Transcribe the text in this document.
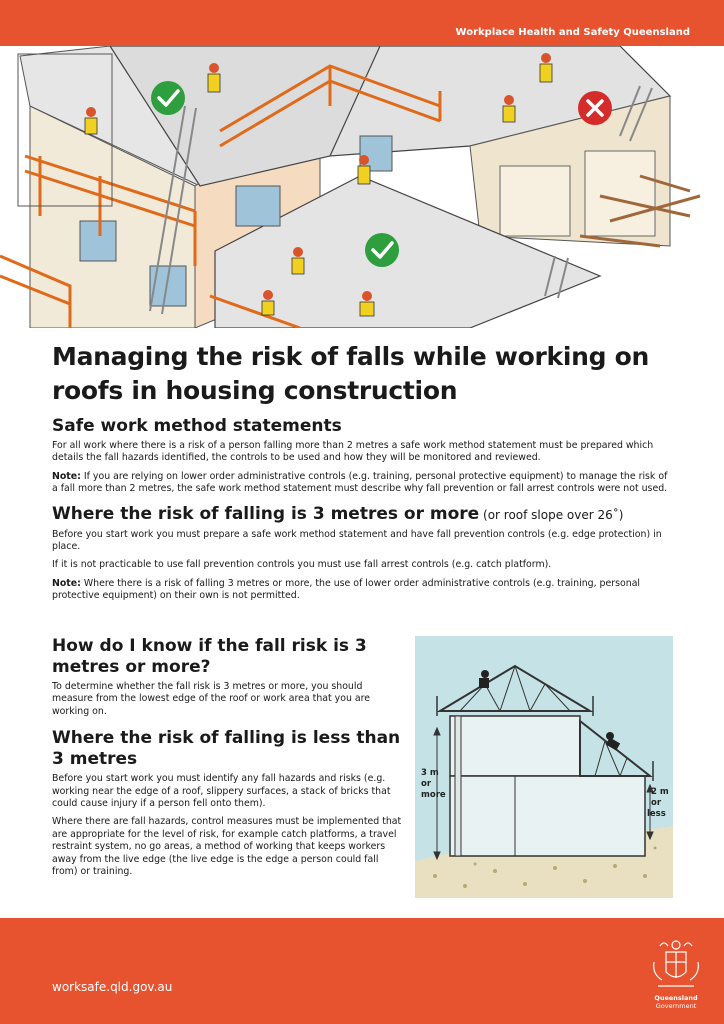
Workplace Health and Safety Queensland
Managing the risk of falls while working on roofs in housing construction
Safe work method statements

For all work where there is a risk of a person falling more than 2 metres a safe work method statement must be prepared which details the fall hazards identified, the controls to be used and how they will be monitored and reviewed.

Note: If you are relying on lower order administrative controls (e.g. training, personal protective equipment) to manage the risk of a fall more than 2 metres, the safe work method statement must describe why fall prevention or fall arrest controls were not used.

Where the risk of falling is 3 metres or more (or roof slope over 26˚)

Before you start work you must prepare a safe work method statement and have fall prevention controls (e.g. edge protection) in place.

If it is not practicable to use fall prevention controls you must use fall arrest controls (e.g. catch platform).

Note: Where there is a risk of falling 3 metres or more, the use of lower order administrative controls (e.g. training, personal protective equipment) on their own is not permitted.

How do I know if the fall risk is 3 metres or more?

To determine whether the fall risk is 3 metres or more, you should measure from the lowest edge of the roof or work area that you are working on.

Where the risk of falling is less than 3 metres

Before you start work you must identify any fall hazards and risks (e.g. working near the edge of a roof, slippery surfaces, a stack of bricks that could cause injury if a person fell onto them).

Where there are fall hazards, control measures must be implemented that are appropriate for the level of risk, for example catch platforms, a travel restraint system, no go areas, a method of working that keeps workers away from the live edge (the live edge is the edge a person could fall from) or training.

3 m
or
more	2 m
or
less
worksafe.qld.gov.au
Queensland
Government
